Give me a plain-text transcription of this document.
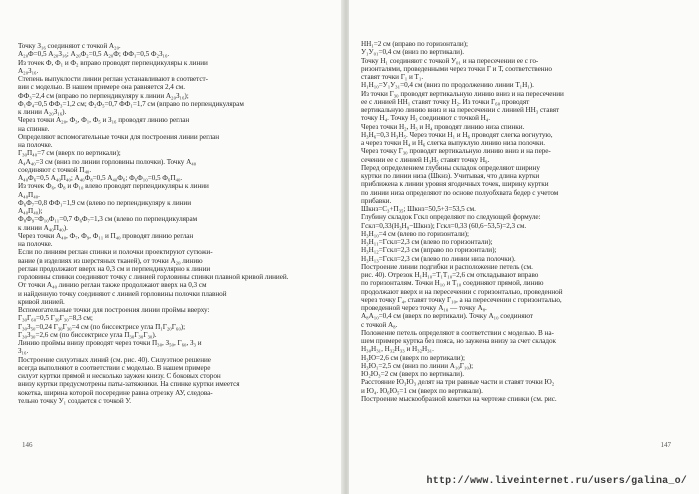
Точку З₁₆ соединяют с точкой А₂₀.
А₂₀Ф=0,5 А₂₀З₁₆; А₂₀Ф₂=0,5 А₂₀Ф; ФФ₁=0,5 Ф₂З₁₆.
Из точек Ф, Ф₁ и Ф₂ вправо проводят перпендикуляры к линии
А₂₀З₁₆.
Степень выпуклости линии реглан устанавливают в соответст-
вии с моделью. В нашем примере она равняется 2,4 см.
ФФ₃=2,4 см (вправо по перпендикуляру к линии А₂₀З₁₆);
Ф₁Ф₄=0,5 ФФ₃=1,2 см; Ф₂Ф₅=0,7 ФФ₁=1,7 см (вправо по перпендикулярам
к линии А₂₀З₁₆).
Через точки А₂₀, Ф₃, Ф₁, Ф₅ и З₁₆ проводят линию реглан
на спинке.
Определяют вспомогательные точки для построения линии реглан
на полочке.
Г₃₀П₄₀=7 см (вверх по вертикали);
А₄А₄₀=3 см (вниз по линии горловины полочки). Точку А₄₀
соединяют с точкой П₄₀.
А₄₀Ф₆=0,5 А₄₀П₄₀; А₄₀Ф₈=0,5 А₄₀Ф₆; Ф₆Ф₁₀=0,5 Ф₆П₄₀.
Из точек Ф₆, Ф₈ и Ф₁₀ влево проводят перпендикуляры к линии
А₄₀П₄₀.
Ф₆Ф₇=0,8 ФФ₁=1,9 см (влево по перпендикуляру к линии
А₄₀П₄₀);
Ф₈Ф₉=Ф₁₀Ф₁₁=0,7 Ф₆Ф₇=1,3 см (влево по перпендикулярам
к линии А₄₀П₄₀).
Через точки А₄₀, Ф₇, Ф₉, Ф₁₁ и П₄₀ проводят линию реглан
на полочке.
Если по линиям реглан спинки и полочки проектируют сутюжи-
вание (в изделиях из шерстяных тканей), от точки А₂₀ линию
реглан продолжают вверх на 0,3 см и перпендикулярно к линии
горловины спинки соединяют точку с линией горловины спинки плавной кривой линией.
От точки А₄₀ линию реглан также продолжают вверх на 0,3 см
и найденную точку соединяют с линией горловины полочки плавной
кривой линией.
Вспомогательные точки для построения линии проймы вверху:
Г₃₀Г₆₀=0,5 Г₃₀Г₃₀=8,3 см;
Г₃₀З₅₀=0,24 Г₃₀Г₃₀=4 см (по биссектрисе угла П₁Г₂₀Г₆₀);
Г₃₀З₃₀=2,6 см (по биссектрисе угла П₃₀Г₃₀Г₃₀).
Линию проймы внизу проводят через точки П₃₀, З₅₀, Г₆₀, З₃ и
З₁₆.
Построение силуэтных линий (см. рис. 40). Силуэтное решение
всегда выполняют в соответствии с моделью. В нашем примере
силуэт куртки прямой и несколько заужен книзу. С боковых сторон
внизу куртки предусмотрены паты-затяжники. На спинке куртки имеется
кокетка, ширина которой посередине равна отрезку АУ, следова-
тельно точку У₁ создается с точкой У.
НН₁=2 см (вправо по горизонтали);
У₁У₀₁=0,4 см (вниз по вертикали).
Точку Н₁ соединяют с точкой У₀₁ и на пересечении ее с го-
ризонталями, проведенными через точки Г и Т, соответственно
ставят точки Г₁ и Т₁.
Н₁Н₁₀=У₁У₃₁=0,4 см (вниз по продолжению линии Т₁Н₁).
Из точки Г₃₀ проводят вертикальную линию вниз и на пересечении
ее с линией НН₁ ставят точку Н₂. Из точки Г₆₀ проводят
вертикальную линию вниз и на пересечении с линией НН₃ ставят
точку Н₄. Точку Н₃ соединяют с точкой Н₄.
Через точки Н₂, Н₃ и Н₄ проводят линию низа спинки.
Н₃Н₆=0,3 Н₃Н₅. Через точки Н₁ и Н₆ проводят слегка вогнутую,
а через точки Н₄ и Н₆ слегка выпуклую линию низа полочки.
Через точку Г₃₀ проводят вертикальную линию вниз и на пере-
сечении ее с линией Н₃Н₅ ставят точку Н₉.
Перед определением глубины складок определяют ширину
куртки по линии низа (Шкнз). Учитывая, что длина куртки
приближена к линии уровня ягодичных точек, ширину куртки
по линии низа определяют по основе полуобхвата бедер с учетом
прибавки.
Шкнз=С₃+П₃₅; Шкнз=50,5+3=53,5 см.
Глубину складок Гскл определяют по следующей формуле:
Гскл=0,33(Н₃Н₉−Шкнз); Гскл=0,33 (60,6−53,5)=2,3 см.
Н₃Н₁₀=4 см (влево по горизонтали);
Н₃Н₁₁=Гскл=2,3 см (влево по горизонтали);
Н₃Н₁₂=Гскл=2,3 см (вправо по горизонтали);
Н₃Н₁₃=Гскл=2,3 см (влево по линии низа полочки).
Построение линии подгибки и расположение петель (см.
рис. 40). Отрезок Н₁Н₁₀=Т₁Т₁₀=2,6 см откладывают вправо
по горизонталям. Точки Н₁₀ и Т₁₀ соединяют прямой, линию
продолжают вверх и на пересечении с горизонталью, проведенной
через точку Г₄, ставят точку Г₁₀, а на пересечении с горизонталью,
проведенной через точку А₁₀ — точку А₈.
А₈А₁₀=0,4 см (вверх по вертикали). Точку А₁₀ соединяют
с точкой А₈.
Положение петель определяют в соответствии с моделью. В на-
шем примере куртка без пояса, но заужена внизу за счет складок
Н₃₀Н₃₁, Н₃₂Н₃₃ и Н₃₂Н₃₁.
Н₃Ю=2,6 см (вверх по вертикали);
Н₃Ю₁=2,5 см (вниз по линии А₁₀Г₁₀);
Ю₂Ю₃=2 см (вверх по вертикали).
Расстояние Ю₃Ю₃ делят на три равные части и ставят точки Ю₂
и Ю₄. Ю₆Ю₅=1 см (вверх по вертикали).
Построение мыскообразной кокетки на чертеже спинки (см. рис.
146	147
http://www.liveinternet.ru/users/galina_o/
